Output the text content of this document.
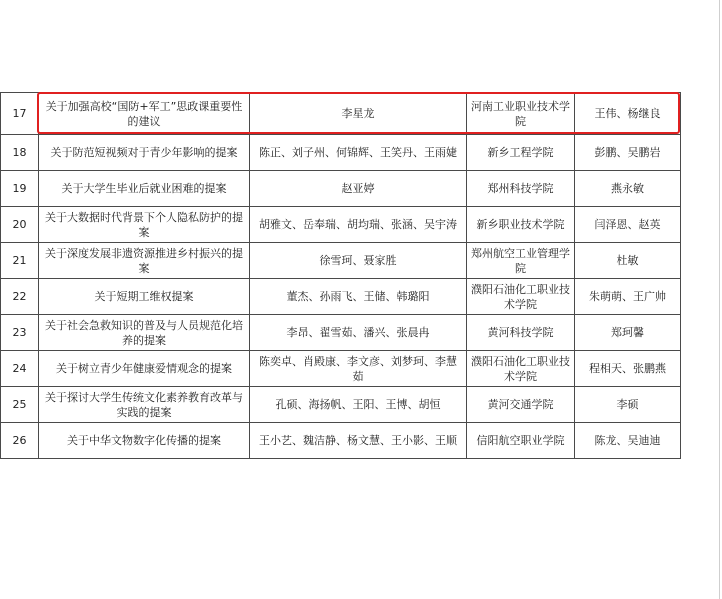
17	关于加强高校“国防+军工”思政课重要性的建议	李星龙	河南工业职业技术学院	王伟、杨继良
18	关于防范短视频对于青少年影响的提案	陈正、刘子州、何锦辉、王笑丹、王雨婕	新乡工程学院	彭鹏、吴鹏岩
19	关于大学生毕业后就业困难的提案	赵亚婷	郑州科技学院	燕永敏
20	关于大数据时代背景下个人隐私防护的提案	胡雅文、岳奉瑞、胡均瑞、张涵、吴宇涛	新乡职业技术学院	闫泽恩、赵英
21	关于深度发展非遗资源推进乡村振兴的提案	徐雪珂、聂家胜	郑州航空工业管理学院	杜敏
22	关于短期工维权提案	董杰、孙雨飞、王储、韩璐阳	濮阳石油化工职业技术学院	朱萌萌、王广帅
23	关于社会急救知识的普及与人员规范化培养的提案	李昂、翟雪茹、潘兴、张晨冉	黄河科技学院	郑珂馨
24	关于树立青少年健康爱情观念的提案	陈奕卓、肖殿康、李文彦、刘梦珂、李慧茹	濮阳石油化工职业技术学院	程相天、张鹏燕
25	关于探讨大学生传统文化素养教育改革与实践的提案	孔硕、海扬帆、王阳、王博、胡恒	黄河交通学院	李硕
26	关于中华文物数字化传播的提案	王小艺、魏洁静、杨文慧、王小影、王顺	信阳航空职业学院	陈龙、吴迪迪
